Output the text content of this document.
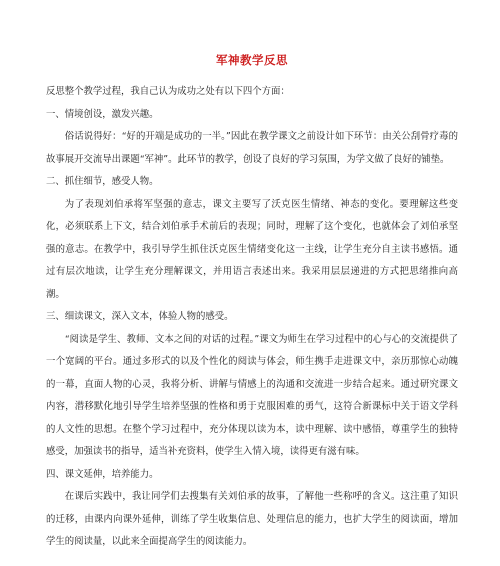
军神教学反思

反思整个教学过程，我自己认为成功之处有以下四个方面：

一、情境创设，激发兴趣。

俗话说得好：“好的开端是成功的一半。”因此在教学课文之前设计如下环节：由关公刮骨疗毒的故事展开交流导出课题“军神”。此环节的教学，创设了良好的学习氛围，为学文做了良好的铺垫。

二、抓住细节，感受人物。

为了表现刘伯承将军坚强的意志，课文主要写了沃克医生情绪、神态的变化。要理解这些变化，必须联系上下文，结合刘伯承手术前后的表现；同时，理解了这个变化，也就体会了刘伯承坚强的意志。在教学中，我引导学生抓住沃克医生情绪变化这一主线，让学生充分自主读书感悟。通过有层次地读，让学生充分理解课文，并用语言表述出来。我采用层层递进的方式把思绪推向高潮。

三、细读课文，深入文本，体验人物的感受。

“阅读是学生、教师、文本之间的对话的过程。”课文为师生在学习过程中的心与心的交流提供了一个宽阔的平台。通过多形式的以及个性化的阅读与体会，师生携手走进课文中，亲历那惊心动魄的一幕，直面人物的心灵，我将分析、讲解与情感上的沟通和交流进一步结合起来。通过研究课文内容，潜移默化地引导学生培养坚强的性格和勇于克服困难的勇气，这符合新课标中关于语文学科的人文性的思想。在整个学习过程中，充分体现以读为本，读中理解、读中感悟，尊重学生的独特感受，加强读书的指导，适当补充资料，使学生入情入境，读得更有滋有味。

四、课文延伸，培养能力。

在课后实践中，我让同学们去搜集有关刘伯承的故事，了解他一些称呼的含义。这注重了知识的迁移，由课内向课外延伸，训练了学生收集信息、处理信息的能力，也扩大学生的阅读面，增加学生的阅读量，以此来全面提高学生的阅读能力。
